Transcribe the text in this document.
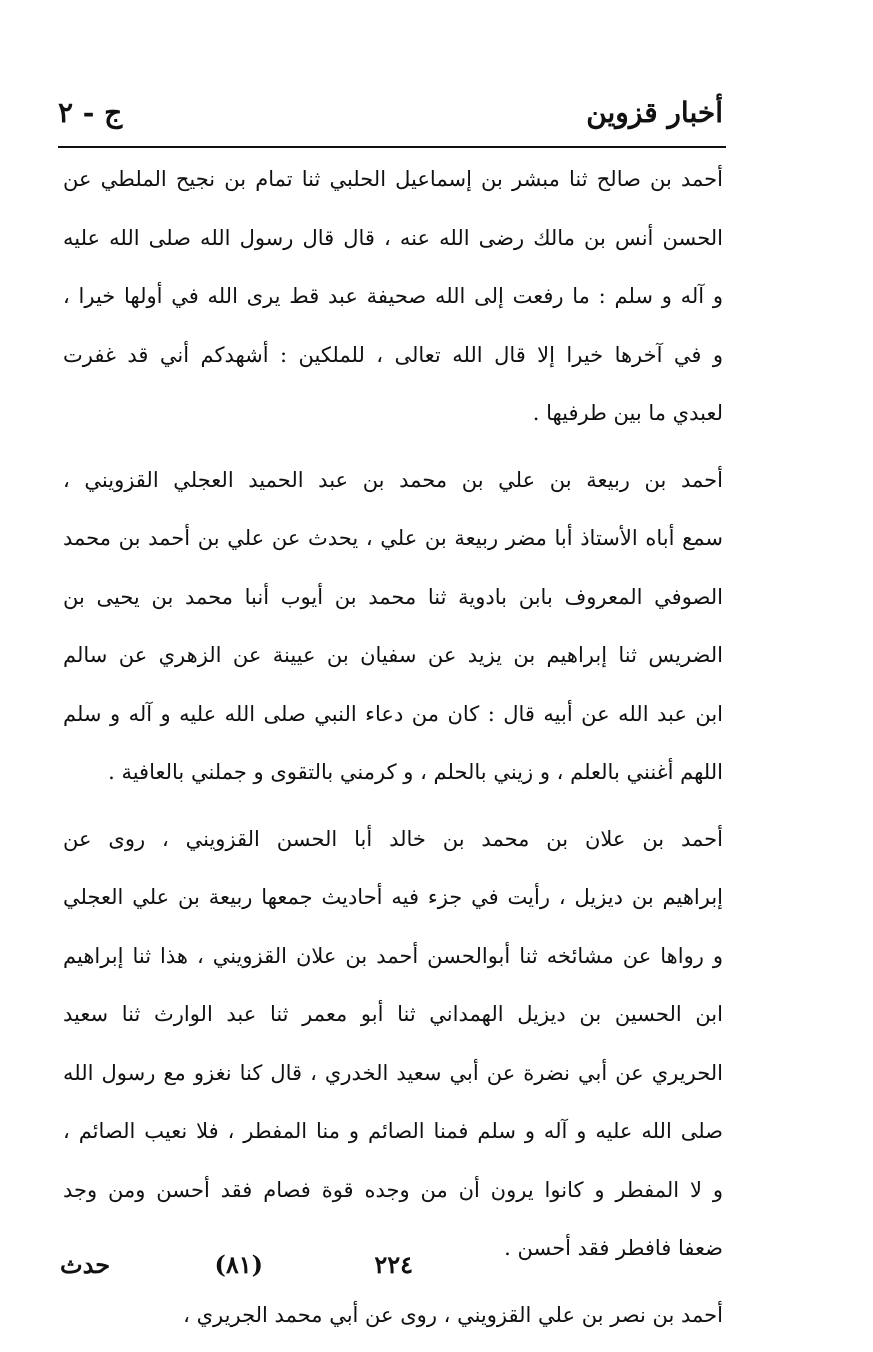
أخبار قزوين
ج - ٢
أحمد بن صالح ثنا مبشر بن إسماعيل الحلبي ثنا تمام بن نجيح الملطي عن
الحسن أنس بن مالك رضى الله عنه ، قال قال رسول الله صلى الله عليه
و آله و سلم : ما رفعت إلى الله صحيفة عبد قط يرى الله في أولها خيرا ،
و في آخرها خيرا إلا قال الله تعالى ، للملكين : أشهدكم أني قد غفرت
لعبدي ما بين طرفيها .
أحمد بن ربيعة بن علي بن محمد بن عبد الحميد العجلي القزويني ،
سمع أباه الأستاذ أبا مضر ربيعة بن علي ، يحدث عن علي بن أحمد بن محمد
الصوفي المعروف بابن بادوية ثنا محمد بن أيوب أنبا محمد بن يحيى بن
الضريس ثنا إبراهيم بن يزيد عن سفيان بن عيينة عن الزهري عن سالم
ابن عبد الله عن أبيه قال : كان من دعاء النبي صلى الله عليه و آله و سلم
اللهم أغنني بالعلم ، و زيني بالحلم ، و كرمني بالتقوى و جملني بالعافية .
أحمد بن علان بن محمد بن خالد أبا الحسن القزويني ، روى عن
إبراهيم بن ديزيل ، رأيت في جزء فيه أحاديث جمعها ربيعة بن علي العجلي
و رواها عن مشائخه ثنا أبوالحسن أحمد بن علان القزويني ، هذا ثنا إبراهيم
ابن الحسين بن ديزيل الهمداني ثنا أبو معمر ثنا عبد الوارث ثنا سعيد
الحريري عن أبي نضرة عن أبي سعيد الخدري ، قال كنا نغزو مع رسول الله
صلى الله عليه و آله و سلم فمنا الصائم و منا المفطر ، فلا نعيب الصائم ،
و لا المفطر و كانوا يرون أن من وجده قوة فصام فقد أحسن ومن وجد
ضعفا فافطر فقد أحسن .
أحمد بن نصر بن علي القزويني ، روى عن أبي محمد الجريري ،
٢٢٤
(٨١)
حدث
